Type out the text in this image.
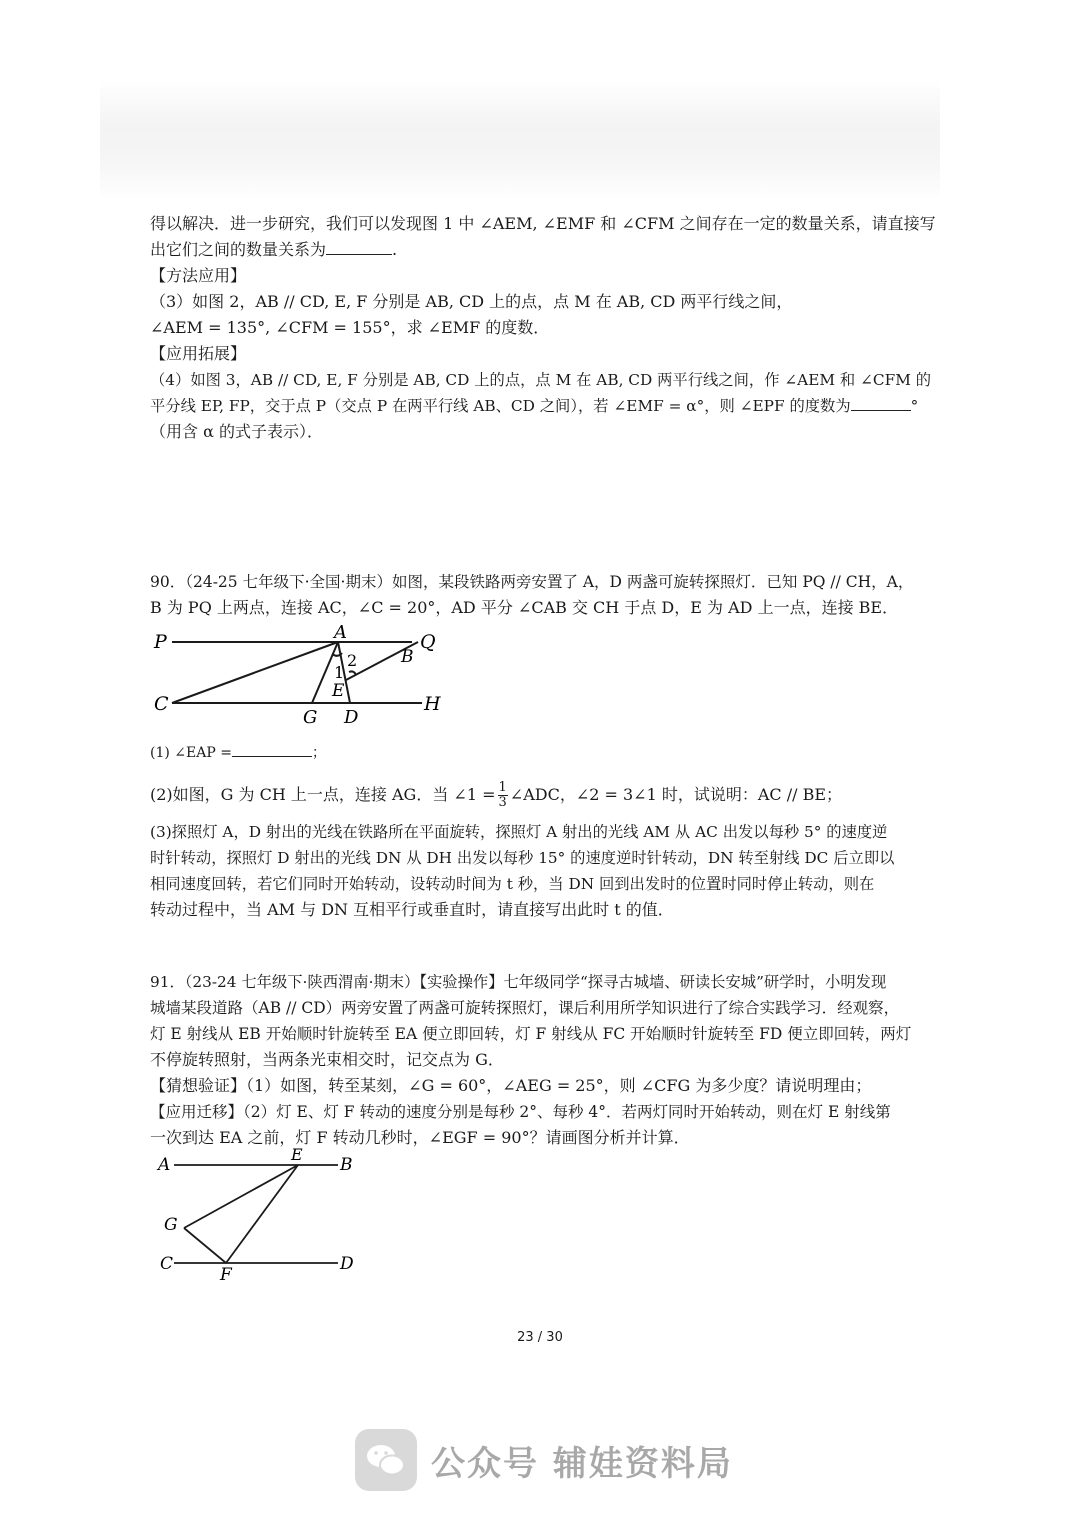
得以解决．进一步研究，我们可以发现图 1 中 ∠AEM, ∠EMF 和 ∠CFM 之间存在一定的数量关系，请直接写
出它们之间的数量关系为	.
【方法应用】
（3）如图 2，AB // CD, E, F 分别是 AB, CD 上的点，点 M 在 AB, CD 两平行线之间，
∠AEM = 135°, ∠CFM = 155°，求 ∠EMF 的度数．
【应用拓展】
（4）如图 3，AB // CD, E, F 分别是 AB, CD 上的点，点 M 在 AB, CD 两平行线之间，作 ∠AEM 和 ∠CFM 的
平分线 EP, FP，交于点 P（交点 P 在两平行线 AB、CD 之间），若 ∠EMF = α°，则 ∠EPF 的度数为	°
（用含 α 的式子表示）．
90．（24-25 七年级下·全国·期末）如图，某段铁路两旁安置了 A，D 两盏可旋转探照灯．已知 PQ // CH，A，
B 为 PQ 上两点，连接 AC，∠C = 20°，AD 平分 ∠CAB 交 CH 于点 D，E 为 AD 上一点，连接 BE．
P	A	Q
B
C	H
G D
E
1
2
(1) ∠EAP =	；
(2)如图，G 为 CH 上一点，连接 AG．当 ∠1 = $\frac{1}{3}$ ∠ADC，∠2 = 3∠1 时，试说明：AC // BE；
(3)探照灯 A，D 射出的光线在铁路所在平面旋转，探照灯 A 射出的光线 AM 从 AC 出发以每秒 5° 的速度逆
时针转动，探照灯 D 射出的光线 DN 从 DH 出发以每秒 15° 的速度逆时针转动，DN 转至射线 DC 后立即以
相同速度回转，若它们同时开始转动，设转动时间为 t 秒，当 DN 回到出发时的位置时同时停止转动，则在
转动过程中，当 AM 与 DN 互相平行或垂直时，请直接写出此时 t 的值．
91．（23-24 七年级下·陕西渭南·期末）【实验操作】七年级同学“探寻古城墙、研读长安城”研学时，小明发现
城墙某段道路（AB // CD）两旁安置了两盏可旋转探照灯，课后利用所学知识进行了综合实践学习．经观察，
灯 E 射线从 EB 开始顺时针旋转至 EA 便立即回转，灯 F 射线从 FC 开始顺时针旋转至 FD 便立即回转，两灯
不停旋转照射，当两条光束相交时，记交点为 G．
【猜想验证】（1）如图，转至某刻，∠G = 60°，∠AEG = 25°，则 ∠CFG 为多少度？请说明理由；
【应用迁移】（2）灯 E、灯 F 转动的速度分别是每秒 2°、每秒 4°．若两灯同时开始转动，则在灯 E 射线第
一次到达 EA 之前，灯 F 转动几秒时，∠EGF = 90°？请画图分析并计算．
A
E
B
G
C
F
D
23 / 30
公众号 辅娃资料局
